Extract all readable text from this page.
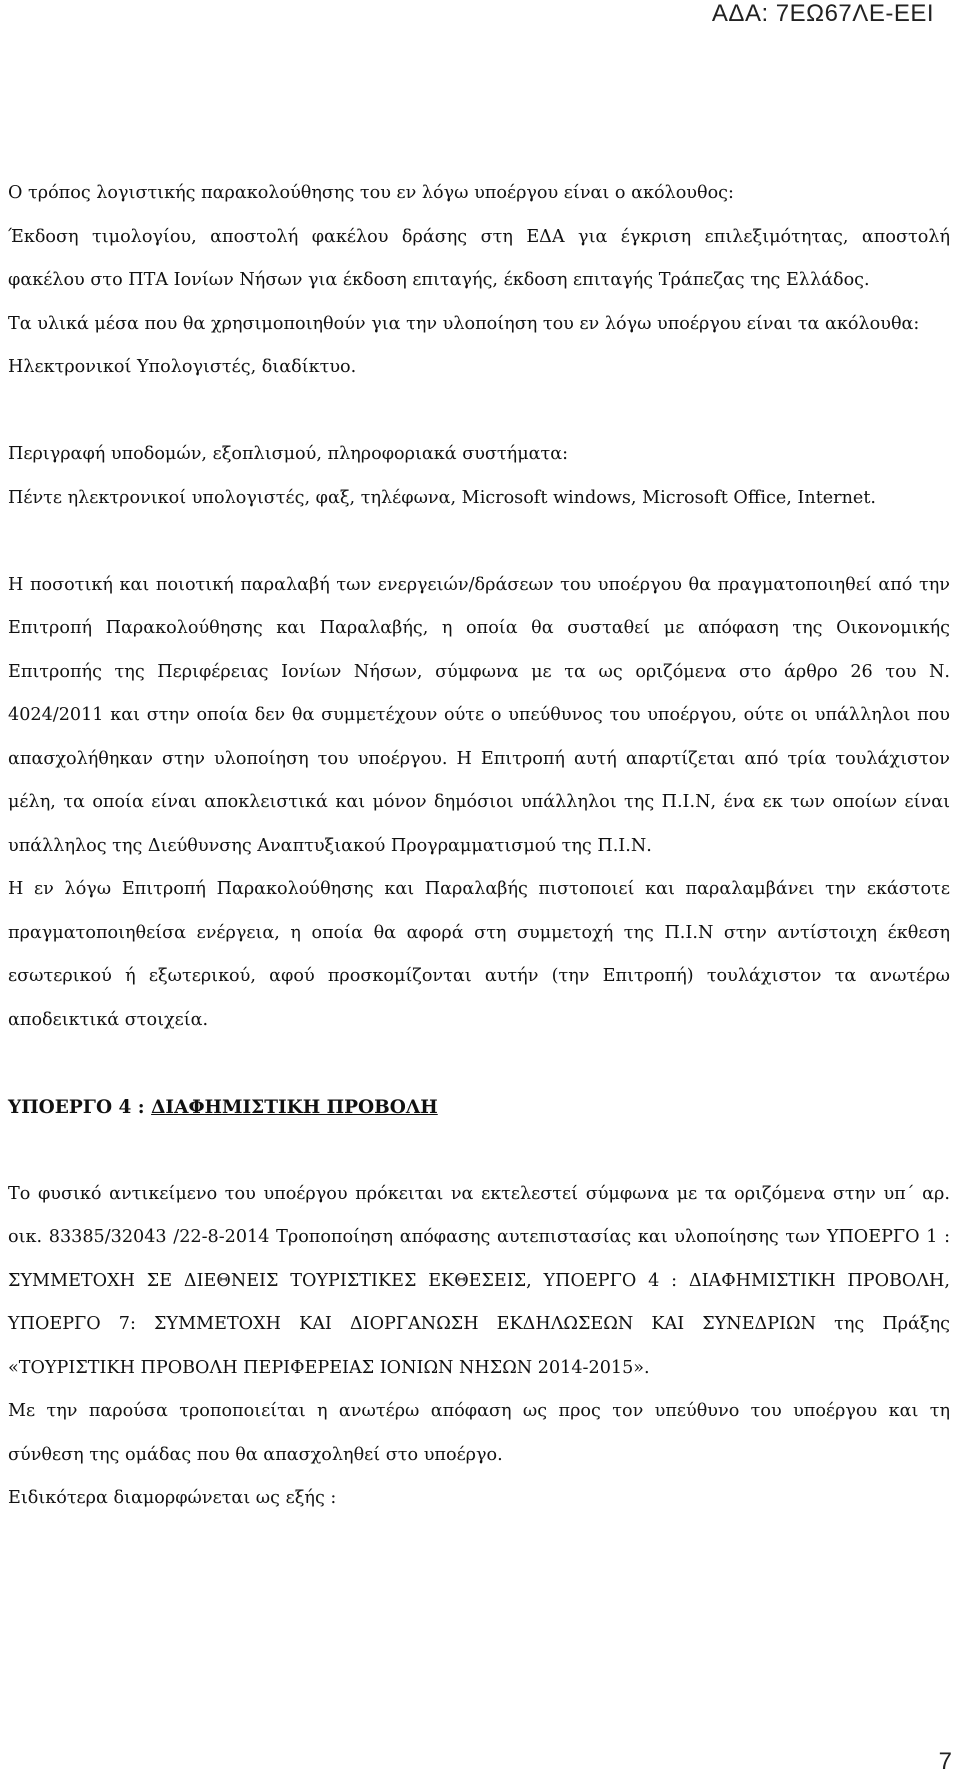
ΑΔΑ: 7ΕΩ67ΛΕ-ΕΕΙ

Ο τρόπος λογιστικής παρακολούθησης του εν λόγω υποέργου είναι ο ακόλουθος:

Έκδοση τιμολογίου, αποστολή φακέλου δράσης στη ΕΔΑ για έγκριση επιλεξιμότητας, αποστολή φακέλου στο ΠΤΑ Ιονίων Νήσων για έκδοση επιταγής, έκδοση επιταγής Τράπεζας της Ελλάδος.

Τα υλικά μέσα που θα χρησιμοποιηθούν για την υλοποίηση του εν λόγω υποέργου είναι τα ακόλουθα:

Ηλεκτρονικοί Υπολογιστές, διαδίκτυο.

Περιγραφή υποδομών, εξοπλισμού, πληροφοριακά συστήματα:

Πέντε ηλεκτρονικοί υπολογιστές, φαξ, τηλέφωνα, Microsoft windows, Microsoft Office, Internet.

Η ποσοτική και ποιοτική παραλαβή των ενεργειών/δράσεων του υποέργου θα πραγματοποιηθεί από την Επιτροπή Παρακολούθησης και Παραλαβής, η οποία θα συσταθεί με απόφαση της Οικονομικής Επιτροπής της Περιφέρειας Ιονίων Νήσων, σύμφωνα με τα ως οριζόμενα στο άρθρο 26 του Ν. 4024/2011 και στην οποία δεν θα συμμετέχουν ούτε ο υπεύθυνος του υποέργου, ούτε οι υπάλληλοι που απασχολήθηκαν στην υλοποίηση του υποέργου. Η Επιτροπή αυτή απαρτίζεται από τρία τουλάχιστον μέλη, τα οποία είναι αποκλειστικά και μόνον δημόσιοι υπάλληλοι της Π.Ι.Ν, ένα εκ των οποίων είναι υπάλληλος της Διεύθυνσης Αναπτυξιακού Προγραμματισμού της Π.Ι.Ν.

Η εν λόγω Επιτροπή Παρακολούθησης και Παραλαβής πιστοποιεί και παραλαμβάνει την εκάστοτε πραγματοποιηθείσα ενέργεια, η οποία θα αφορά στη συμμετοχή της Π.Ι.Ν στην αντίστοιχη έκθεση εσωτερικού ή εξωτερικού, αφού προσκομίζονται αυτήν (την Επιτροπή) τουλάχιστον τα ανωτέρω αποδεικτικά στοιχεία.

ΥΠΟΕΡΓΟ 4 : ΔΙΑΦΗΜΙΣΤΙΚΗ ΠΡΟΒΟΛΗ

Το φυσικό αντικείμενο του υποέργου πρόκειται να εκτελεστεί σύμφωνα με τα οριζόμενα στην υπ΄ αρ. οικ. 83385/32043 /22-8-2014 Τροποποίηση απόφασης αυτεπιστασίας και υλοποίησης των ΥΠΟΕΡΓΟ 1 : ΣΥΜΜΕΤΟΧΗ ΣΕ ΔΙΕΘΝΕΙΣ ΤΟΥΡΙΣΤΙΚΕΣ ΕΚΘΕΣΕΙΣ, ΥΠΟΕΡΓΟ 4 : ΔΙΑΦΗΜΙΣΤΙΚΗ ΠΡΟΒΟΛΗ, ΥΠΟΕΡΓΟ 7: ΣΥΜΜΕΤΟΧΗ ΚΑΙ ΔΙΟΡΓΑΝΩΣΗ ΕΚΔΗΛΩΣΕΩΝ ΚΑΙ ΣΥΝΕΔΡΙΩΝ της Πράξης «ΤΟΥΡΙΣΤΙΚΗ ΠΡΟΒΟΛΗ ΠΕΡΙΦΕΡΕΙΑΣ ΙΟΝΙΩΝ ΝΗΣΩΝ 2014-2015».

Με την παρούσα τροποποιείται η ανωτέρω απόφαση ως προς τον υπεύθυνο του υποέργου και τη σύνθεση της ομάδας που θα απασχοληθεί στο υποέργο.

Ειδικότερα διαμορφώνεται ως εξής :

7
